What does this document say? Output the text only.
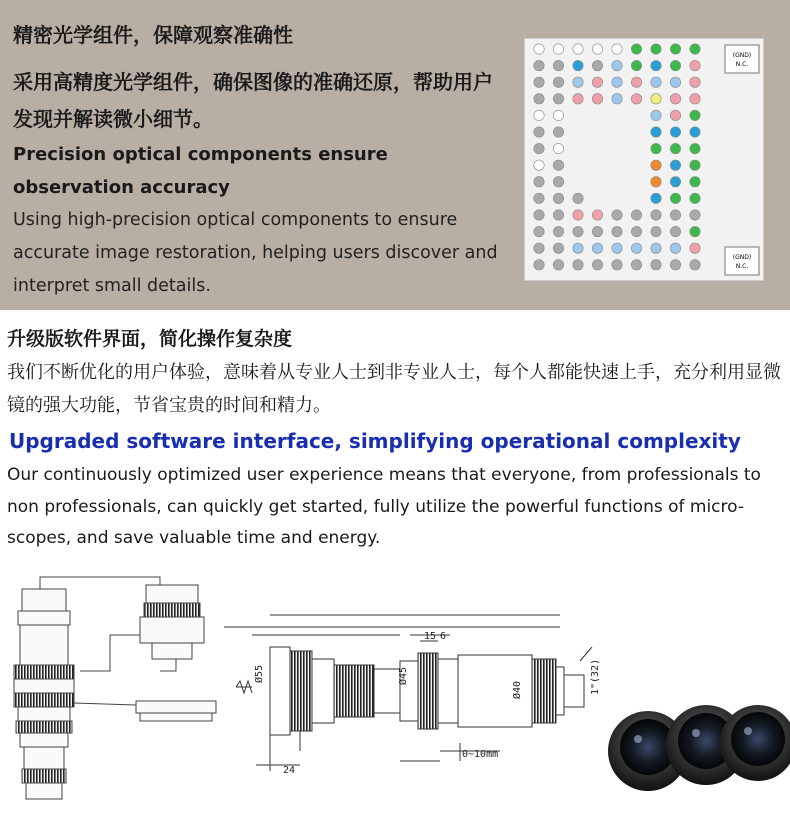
精密光学组件，保障观察准确性

采用高精度光学组件，确保图像的准确还原，帮助用户发现并解读微小细节。

Precision optical components ensure observation accuracy

Using high-precision optical components to ensure accurate image restoration, helping users discover and interpret small details.

(GND)
N.C.
(GND)
N.C.

升级版软件界面，简化操作复杂度

我们不断优化的用户体验，意味着从专业人士到非专业人士，每个人都能快速上手，充分利用显微镜的强大功能，节省宝贵的时间和精力。

Upgraded software interface, simplifying operational complexity

Our continuously optimized user experience means that everyone, from professionals to non professionals, can quickly get started, fully utilize the powerful functions of micro-scopes, and save valuable time and energy.

15 6
24
0~10mm
Ø55	Ø45
Ø40	1"(32)
